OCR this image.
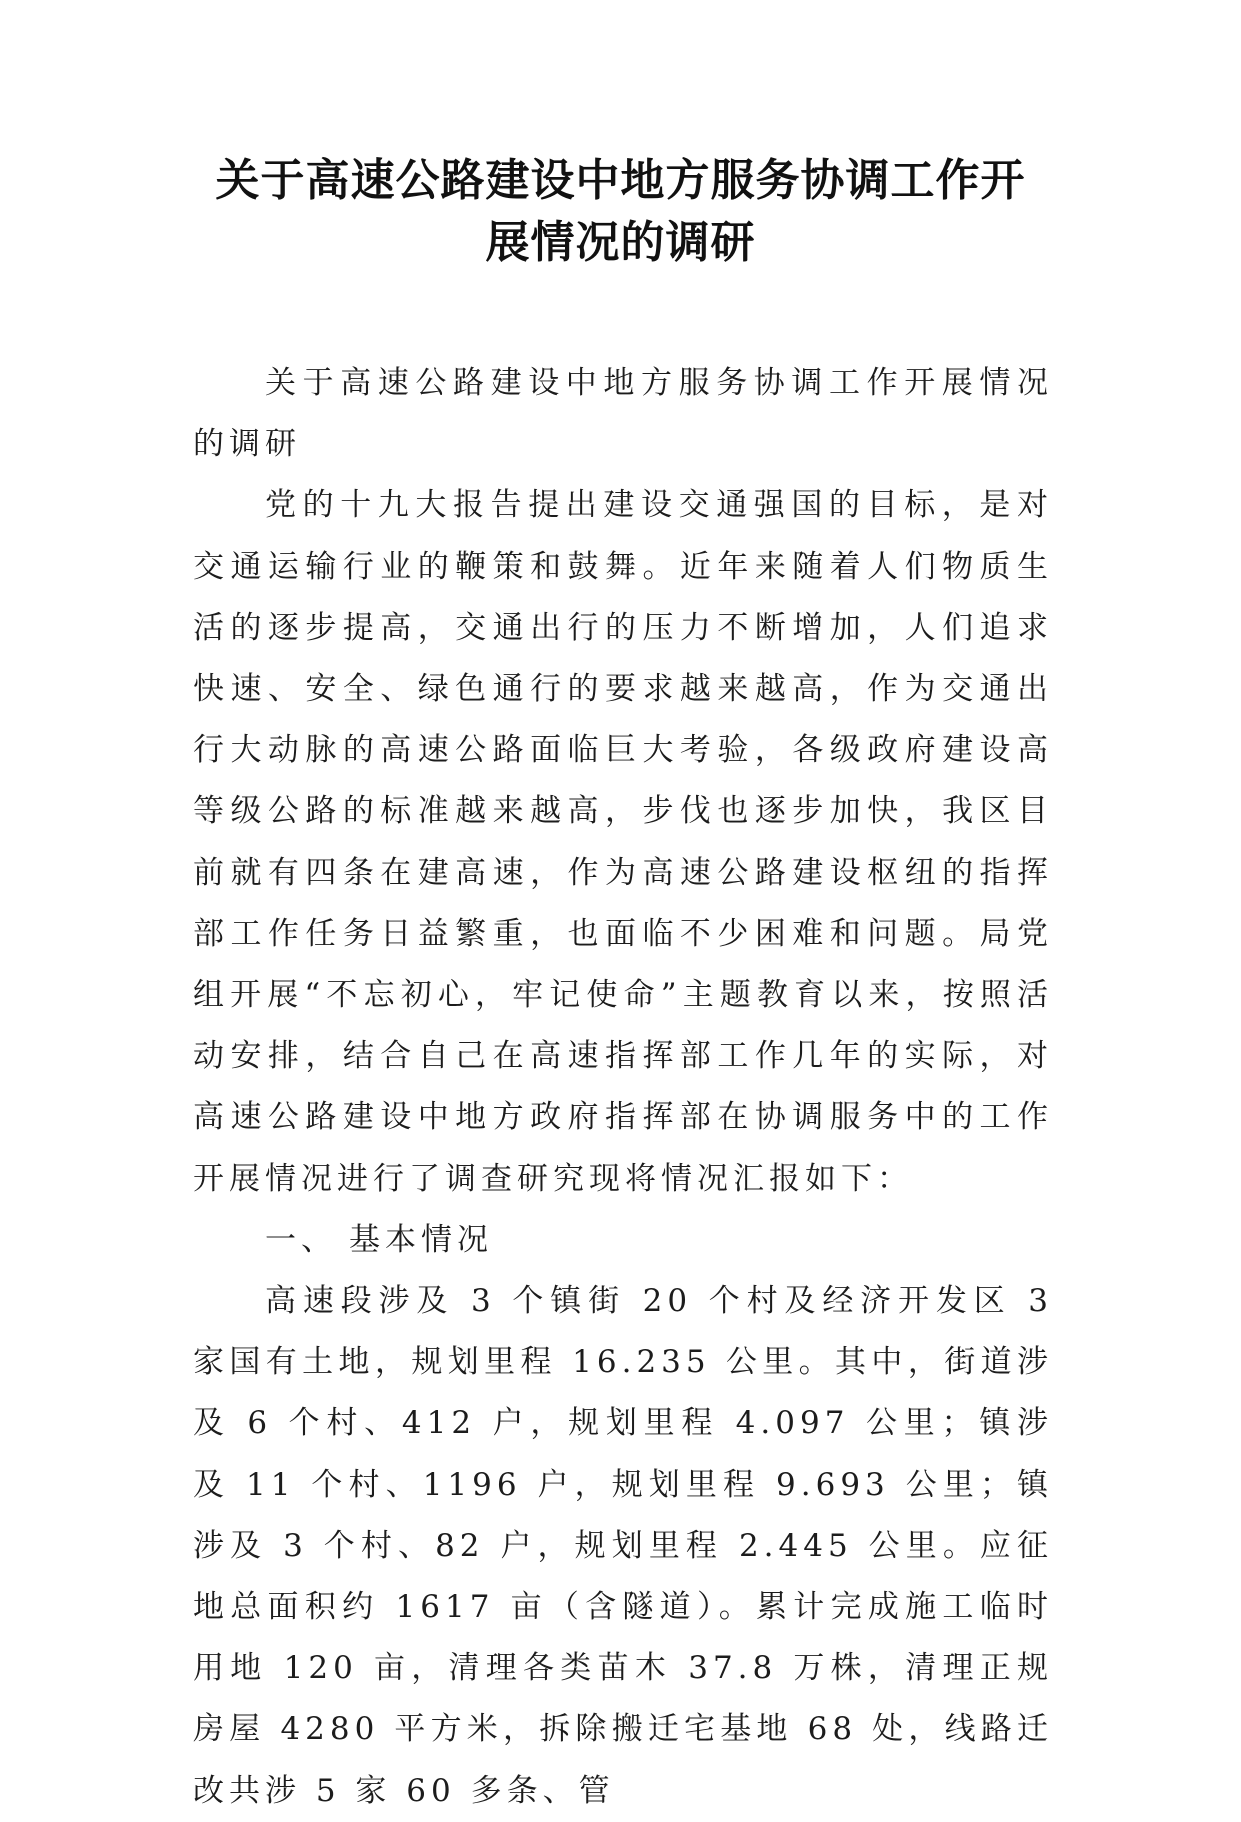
关于高速公路建设中地方服务协调工作开
展情况的调研

关于高速公路建设中地方服务协调工作开展情况的调研

党的十九大报告提出建设交通强国的目标，是对交通运输行业的鞭策和鼓舞。近年来随着人们物质生活的逐步提高，交通出行的压力不断增加，人们追求快速、安全、绿色通行的要求越来越高，作为交通出行大动脉的高速公路面临巨大考验，各级政府建设高等级公路的标准越来越高，步伐也逐步加快，我区目前就有四条在建高速，作为高速公路建设枢纽的指挥部工作任务日益繁重，也面临不少困难和问题。局党组开展“不忘初心，牢记使命”主题教育以来，按照活动安排，结合自己在高速指挥部工作几年的实际，对高速公路建设中地方政府指挥部在协调服务中的工作开展情况进行了调查研究现将情况汇报如下：

一、 基本情况

高速段涉及 3 个镇街 20 个村及经济开发区 3 家国有土地，规划里程 16.235 公里。其中，街道涉及 6 个村、412 户，规划里程 4.097 公里；镇涉及 11 个村、1196 户，规划里程 9.693 公里；镇涉及 3 个村、82 户，规划里程 2.445 公里。应征地总面积约 1617 亩（含隧道）。累计完成施工临时用地 120 亩，清理各类苗木 37.8 万株，清理正规房屋 4280 平方米，拆除搬迁宅基地 68 处，线路迁改共涉 5 家 60 多条、管
